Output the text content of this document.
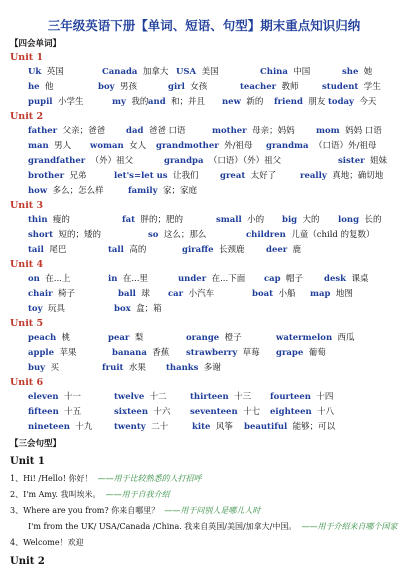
三年级英语下册【单词、短语、句型】期末重点知识归纳
【四会单词】
Unit 1
Uk 英国	Canada 加拿大 USA 美国	China 中国	she 她
he 他	boy 男孩	girl 女孩	teacher 教师	student 学生
pupil 小学生	my 我的 and 和；并且 new 新的 friend 朋友 today 今天
Unit 2
father 父亲；爸爸 dad 爸爸 口语	mother 母亲；妈妈	mom 妈妈 口语
man 男人 woman 女人 grandmother 外/祖母 grandma （口语）外/祖母
grandfather （外）祖父	grandpa （口语）（外）祖父	sister 姐妹
brother 兄弟	let's=let us 让我们	great 太好了	really 真地；确切地
how 多么；怎么样	family 家；家庭
Unit 3
thin 瘦的	fat 胖的；肥的	small 小的 big 大的 long 长的
short 短的；矮的	so 这么；那么	children 儿童（child 的复数）
tail 尾巴	tall 高的	giraffe 长颈鹿	deer 鹿
Unit 4
on 在...上	in 在...里	under 在...下面 cap 帽子 desk 课桌
chair 椅子	ball 球 car 小汽车	boat 小船 map 地图
toy 玩具	box 盒；箱
Unit 5
peach 桃	pear 梨	orange 橙子	watermelon 西瓜
apple 苹果	banana 香蕉 strawberry 草莓 grape 葡萄
buy 买	fruit 水果 thanks 多谢
Unit 6
eleven 十一	twelve 十二	thirteen 十三 fourteen 十四
fifteen 十五	sixteen 十六 seventeen 十七 eighteen 十八
nineteen 十九	twenty 二十	kite 风筝 beautiful 能够；可以
【三会句型】
Unit 1
1、Hi! /Hello! 你好！ ——用于比较熟悉的人打招呼
2、I'm Amy. 我叫埃米。 ——用于自我介绍
3、Where are you from? 你来自哪里？ ——用于问别人是哪儿人时
I'm from the UK/ USA/Canada /China. 我来自英国/美国/加拿大/中国。 ——用于介绍来自哪个国家
4、Welcome！欢迎
Unit 2
